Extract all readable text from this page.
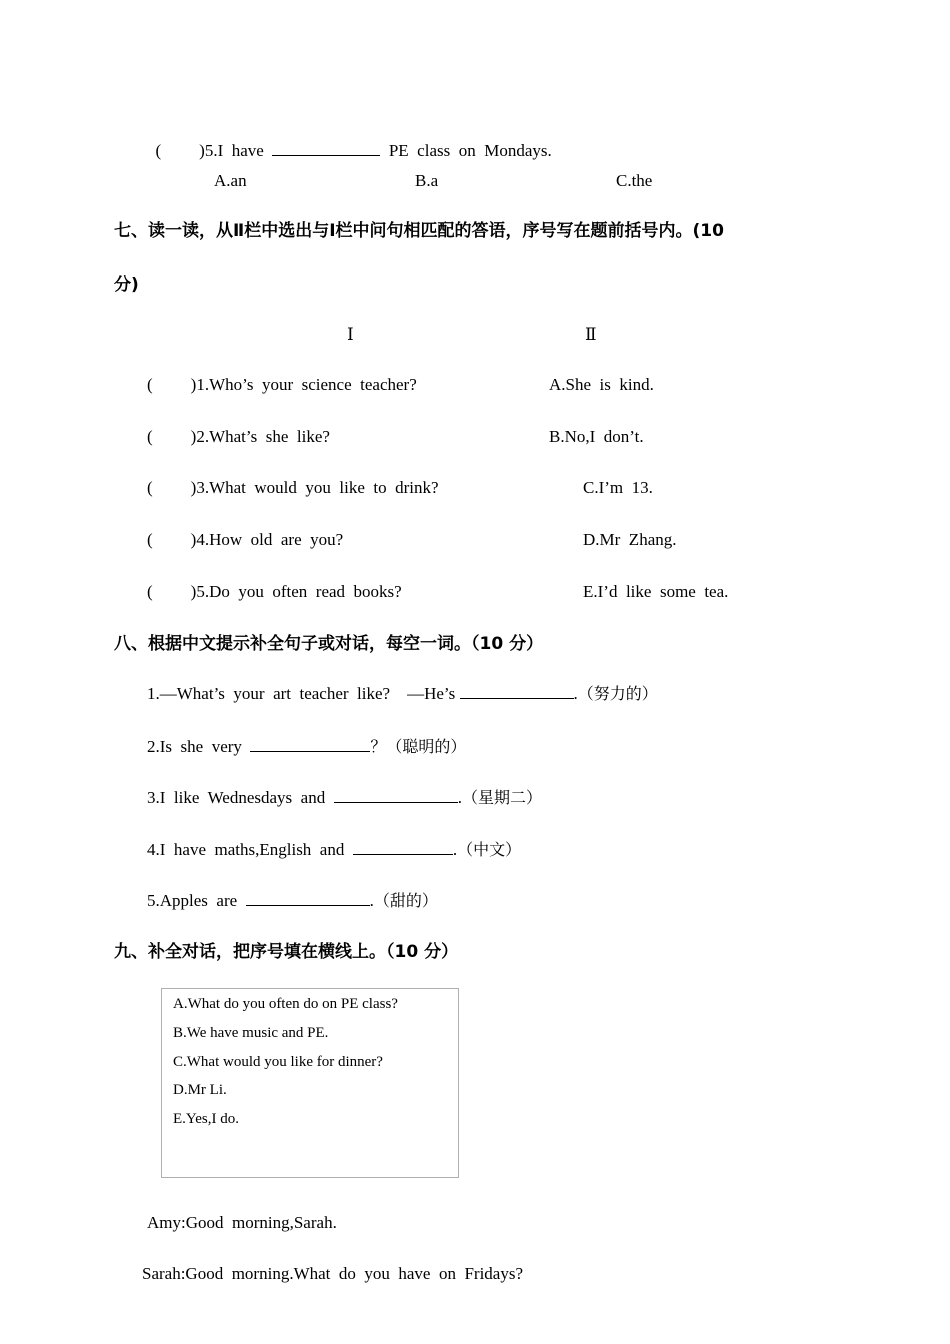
( )5.I  have	PE  class  on  Mondays.

A.an	B.a	C.the
七、读一读，从Ⅱ栏中选出与Ⅰ栏中问句相匹配的答语，序号写在题前括号内。(10
分)
Ⅰ	Ⅱ
( )1.Who’s  your  science  teacher?	A.She  is  kind.
( )2.What’s  she  like?	B.No,I  don’t.
( )3.What  would  you  like  to  drink?	C.I’m  13.
( )4.How  old  are  you?	D.Mr  Zhang.
( )5.Do  you  often  read  books?	E.I’d  like  some  tea.
八、根据中文提示补全句子或对话，每空一词。（10 分）
1.—What’s  your  art  teacher  like?    —He’s	.（努力的）
2.Is  she  very	？（聪明的）
3.I  like  Wednesdays  and	.（星期二）
4.I  have  maths,English  and	.（中文）
5.Apples  are	.（甜的）
九、补全对话，把序号填在横线上。（10 分）
A.What do you often do on PE class?
B.We have music and PE.
C.What would you like for dinner?
D.Mr Li.
E.Yes,I do.
Amy:Good  morning,Sarah.
Sarah:Good  morning.What  do  you  have  on  Fridays?
